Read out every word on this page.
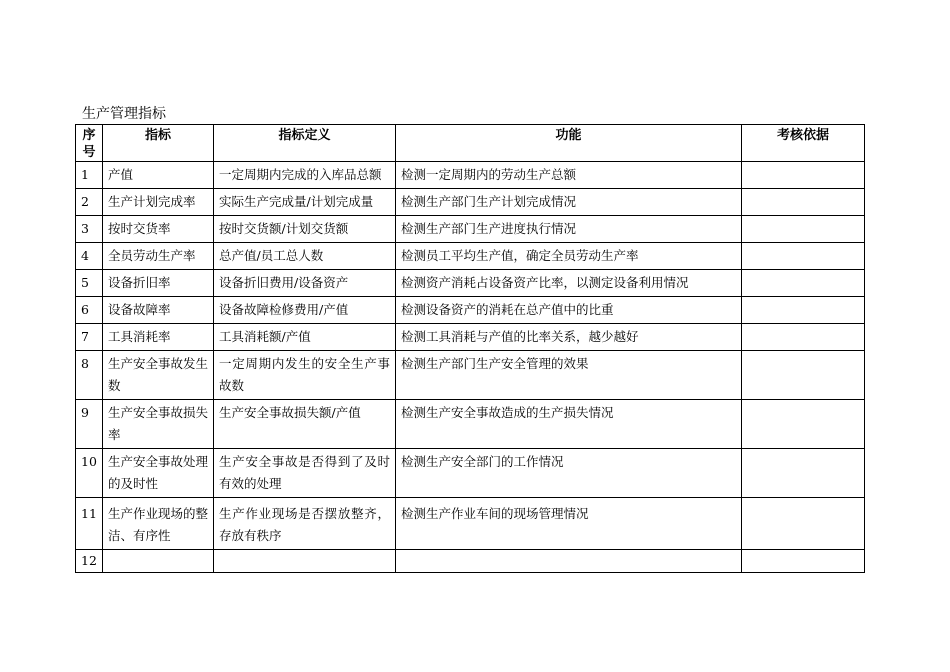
生产管理指标
序号	指标	指标定义	功能	考核依据
1	产值	一定周期内完成的入库品总额	检测一定周期内的劳动生产总额	
2	生产计划完成率	实际生产完成量/计划完成量	检测生产部门生产计划完成情况	
3	按时交货率	按时交货额/计划交货额	检测生产部门生产进度执行情况	
4	全员劳动生产率	总产值/员工总人数	检测员工平均生产值，确定全员劳动生产率	
5	设备折旧率	设备折旧费用/设备资产	检测资产消耗占设备资产比率，以测定设备利用情况	
6	设备故障率	设备故障检修费用/产值	检测设备资产的消耗在总产值中的比重	
7	工具消耗率	工具消耗额/产值	检测工具消耗与产值的比率关系，越少越好	
8	生产安全事故发生数	一定周期内发生的安全生产事故数	检测生产部门生产安全管理的效果	
9	生产安全事故损失率	生产安全事故损失额/产值	检测生产安全事故造成的生产损失情况	
10	生产安全事故处理的及时性	生产安全事故是否得到了及时有效的处理	检测生产安全部门的工作情况	
11	生产作业现场的整洁、有序性	生产作业现场是否摆放整齐，存放有秩序	检测生产作业车间的现场管理情况	
12				
